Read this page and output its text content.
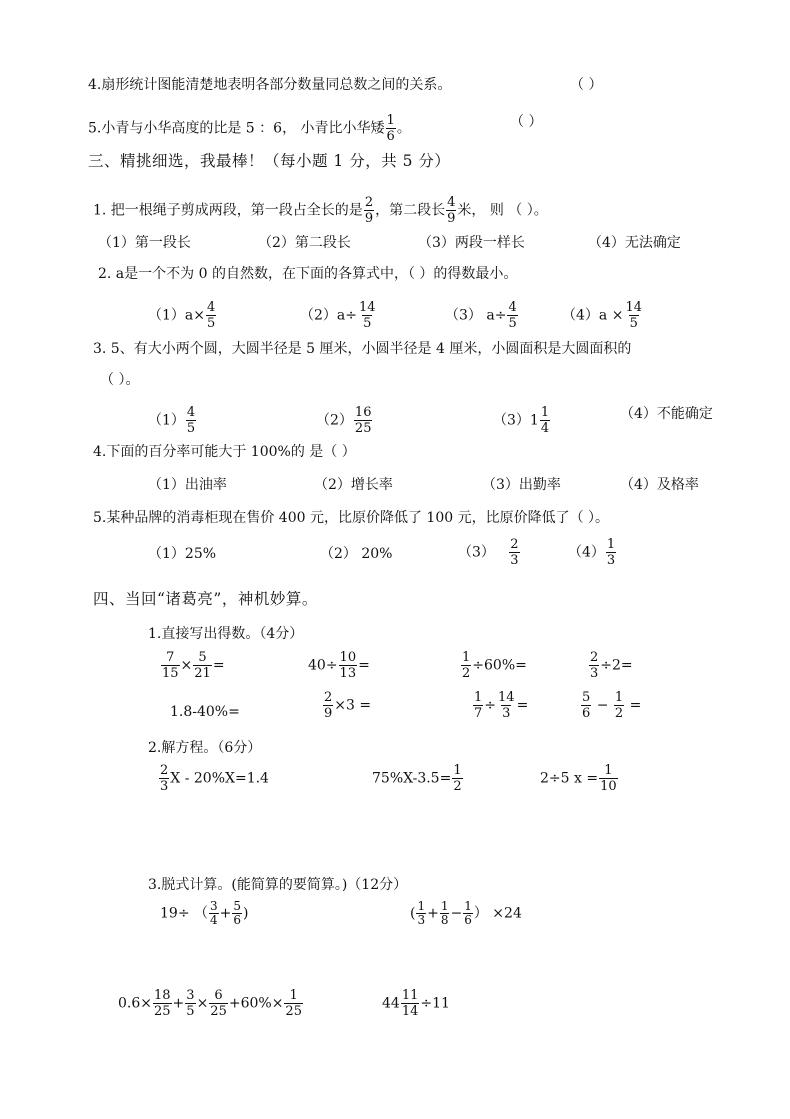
4.扇形统计图能清楚地表明各部分数量同总数之间的关系。	（ ）
5.小青与小华高度的比是 5 ：6， 小青比小华矮 $\frac{1}{6}$ 。	（ ）
三、精挑细选，我最棒！（每小题 1 分，共 5 分）
1. 把一根绳子剪成两段，第一段占全长的是 $\frac{2}{9}$ ，第二段长 $\frac{4}{9}$ 米， 则 （ ）。
（1）第一段长	（2）第二段长	（3）两段一样长	（4）无法确定
2. a是一个不为 0 的自然数，在下面的各算式中，（ ）的得数最小。
$(1)a\times \frac{4}{5}$	$(2)a\div \frac{14}{5}$	（3） $a\div \frac{4}{5}$	$(4)a \times \frac{14}{5}$
3. 5、有大小两个圆，大圆半径是 5 厘米，小圆半径是 4 厘米，小圆面积是大圆面积的
（ ）。
$(1) \frac{4}{5}$	$(2) \frac{16}{25}$	$(3)1 \frac{1}{4}$	（4）不能确定
4.下面的百分率可能大于 100%的 是（ ）
（1）出油率	（2）增长率	（3）出勤率	（4）及格率
5.某种品牌的消毒柜现在售价 400 元，比原价降低了 100 元，比原价降低了（ ）。
（1）25%	（2） 20%	$(3) \frac{2}{3}$	$(4) \frac{1}{3}$
四、当回“诸葛亮”，神机妙算。
1.直接写出得数。（4分）
$\frac{7}{15} \times \frac{5}{21}$ =	$40\div \frac{10}{13}$ =	$\frac{1}{2} \div 60\%=$	$\frac{2}{3} \div 2=$
1.8-40%=	$\frac{2}{9} \times 3$ =	$\frac{1}{7} \div \frac{14}{3}$ =	$\frac{5}{6} - \frac{1}{2}$ =
2.解方程。（6分）
$\frac{2}{3}$ X - 20%X=1.4	$75\%X-3.5= \frac{1}{2}$	2÷5 $x = \frac{1}{10}$
3.脱式计算。(能简算的要简算。)（12分）
19÷ （ $\frac{3}{4} + \frac{5}{6}$ )	( $\frac{1}{3} + \frac{1}{8} - \frac{1}{6}$ ） ×24
$0.6\times \frac{18}{25} + \frac{3}{5} \times \frac{6}{25} +60\%\times \frac{1}{25}$	$44 \frac{11}{14} \div 11$
